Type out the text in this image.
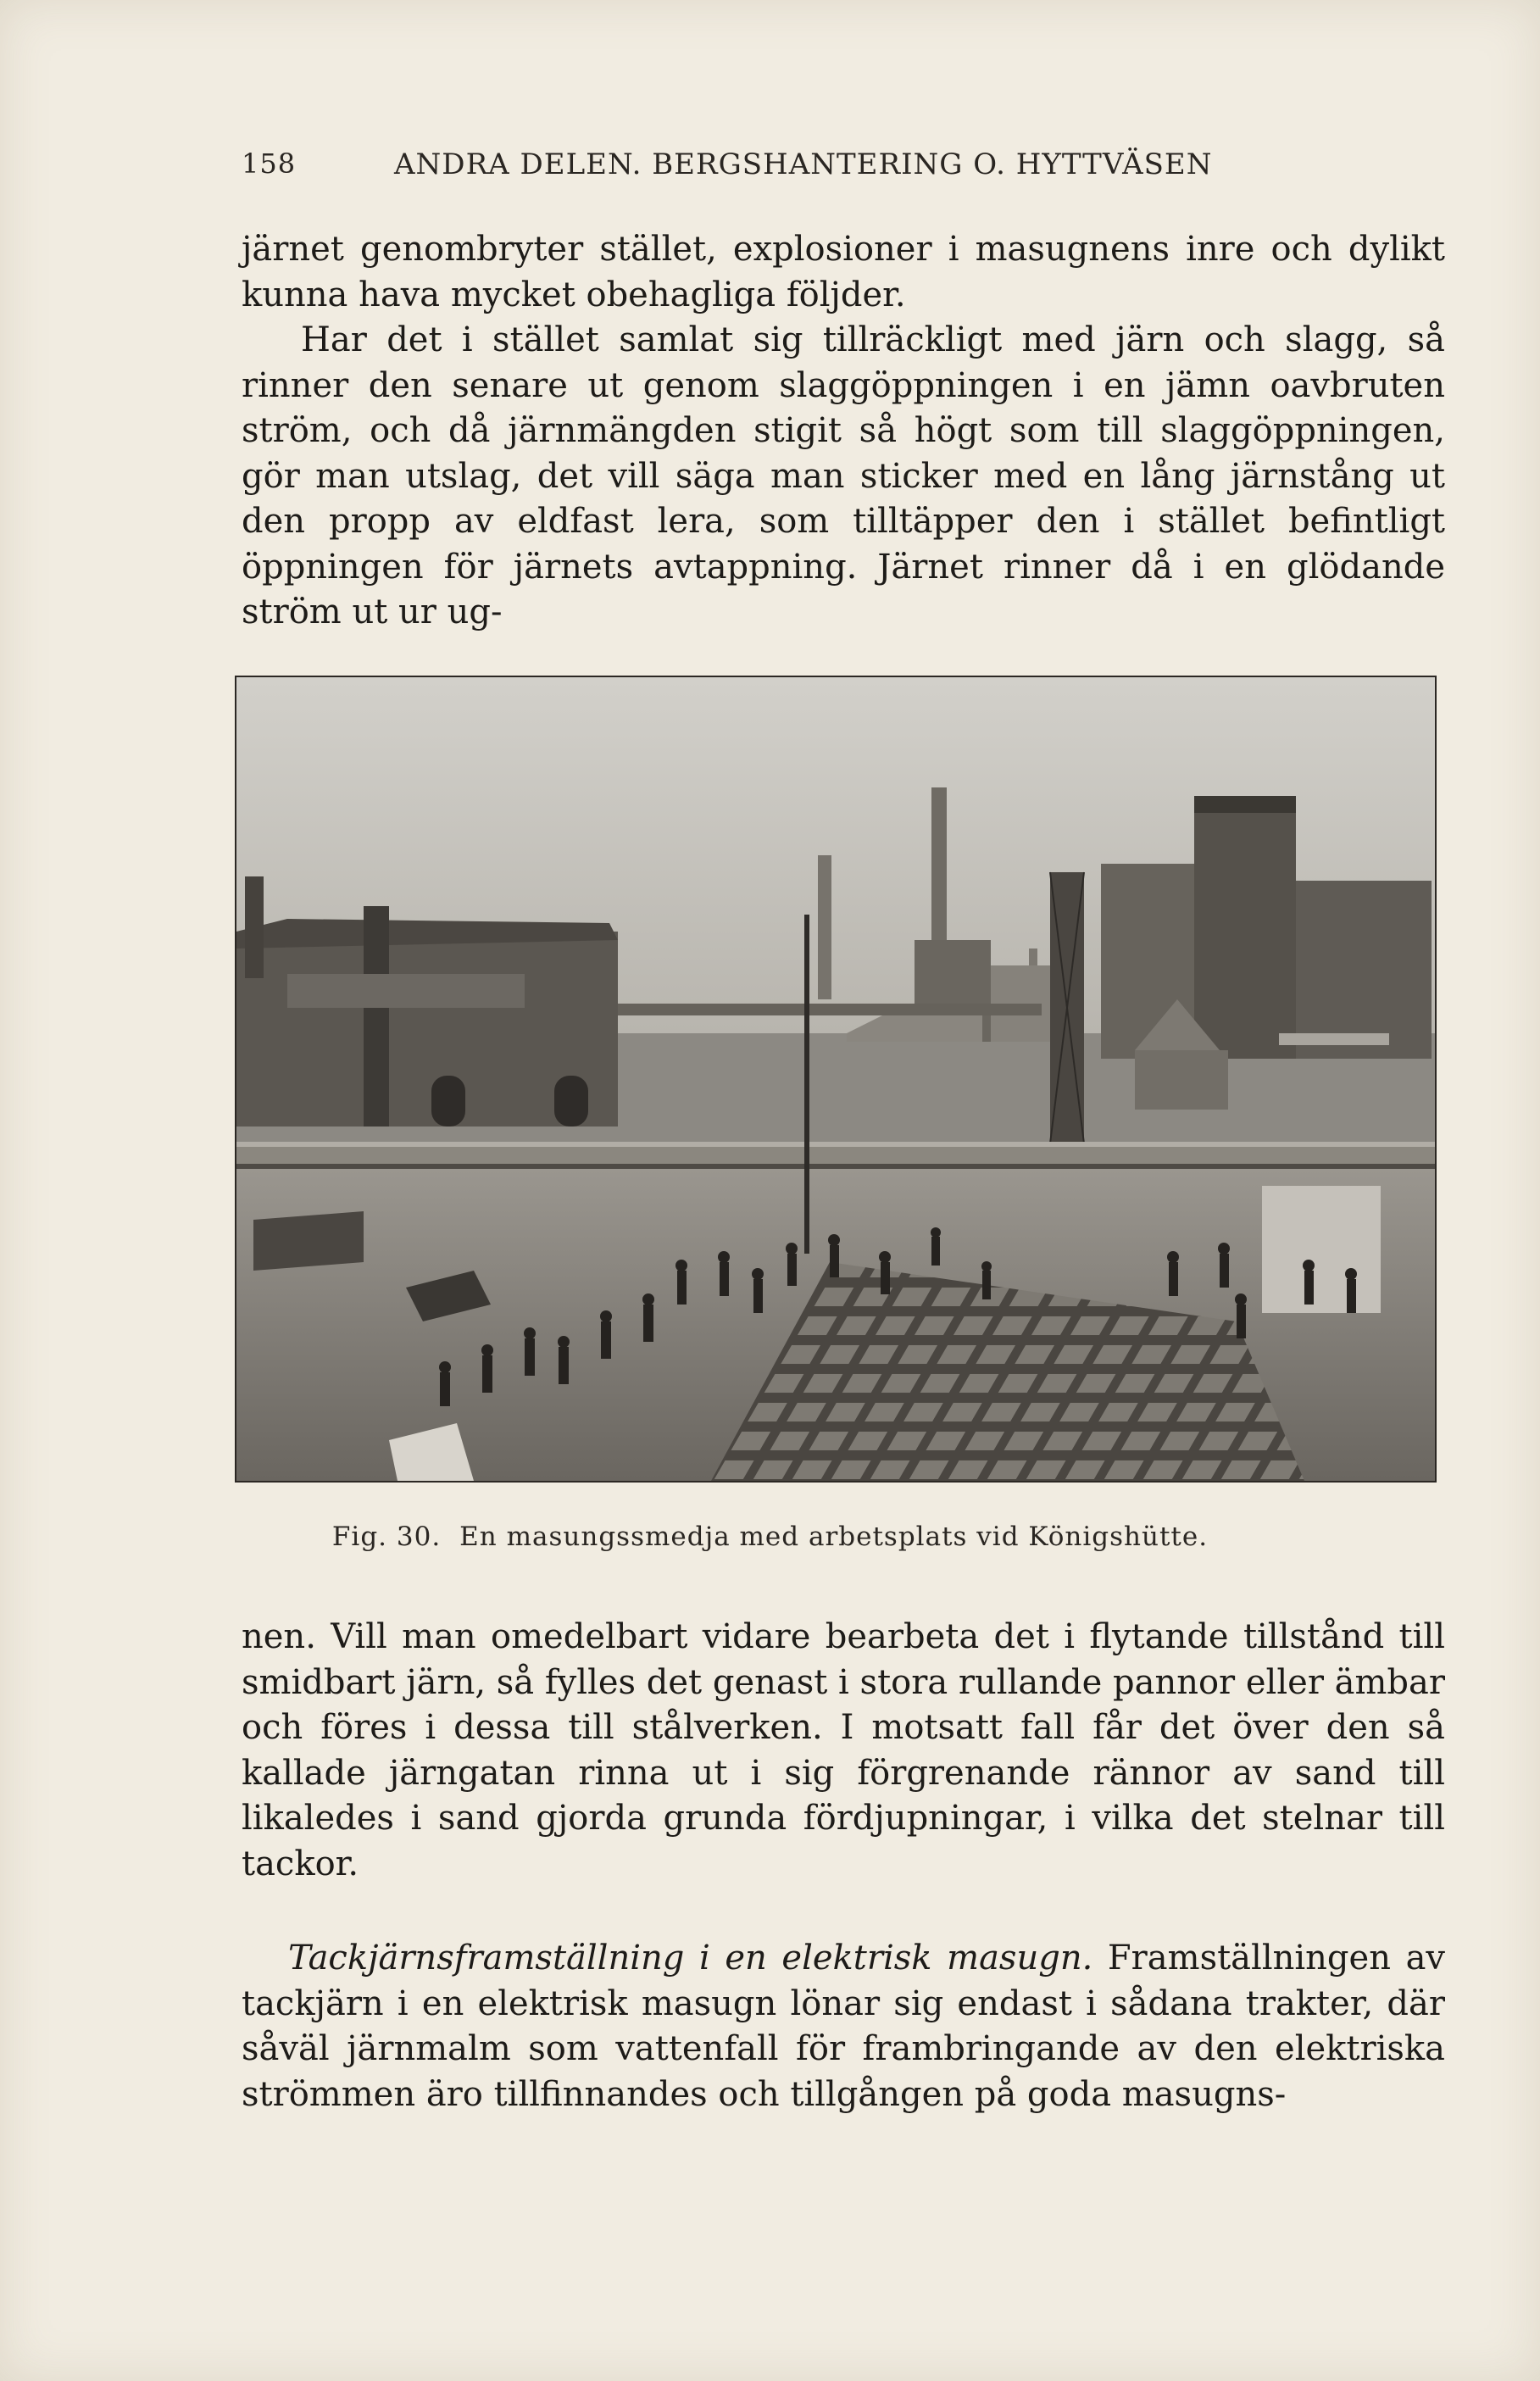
158	ANDRA DELEN. BERGSHANTERING O. HYTTVÄSEN

järnet genombryter stället, explosioner i masugnens inre och dylikt kunna hava mycket obehagliga följder.

Har det i stället samlat sig tillräckligt med järn och slagg, så rinner den senare ut genom slaggöppningen i en jämn oavbruten ström, och då järnmängden stigit så högt som till slaggöppningen, gör man utslag, det vill säga man sticker med en lång järnstång ut den propp av eldfast lera, som tilltäpper den i stället befintligt öppningen för järnets avtappning. Järnet rinner då i en glödande ström ut ur ug-

Fig. 30. En masungssmedja med arbetsplats vid Königshütte.

nen. Vill man omedelbart vidare bearbeta det i flytande tillstånd till smidbart järn, så fylles det genast i stora rullande pannor eller ämbar och föres i dessa till stålverken. I motsatt fall får det över den så kallade järngatan rinna ut i sig förgrenande rännor av sand till likaledes i sand gjorda grunda fördjupningar, i vilka det stelnar till tackor.

Tackjärnsframställning i en elektrisk masugn. Framställningen av tackjärn i en elektrisk masugn lönar sig endast i sådana trakter, där såväl järnmalm som vattenfall för frambringande av den elektriska strömmen äro tillfinnandes och tillgången på goda masugns-
